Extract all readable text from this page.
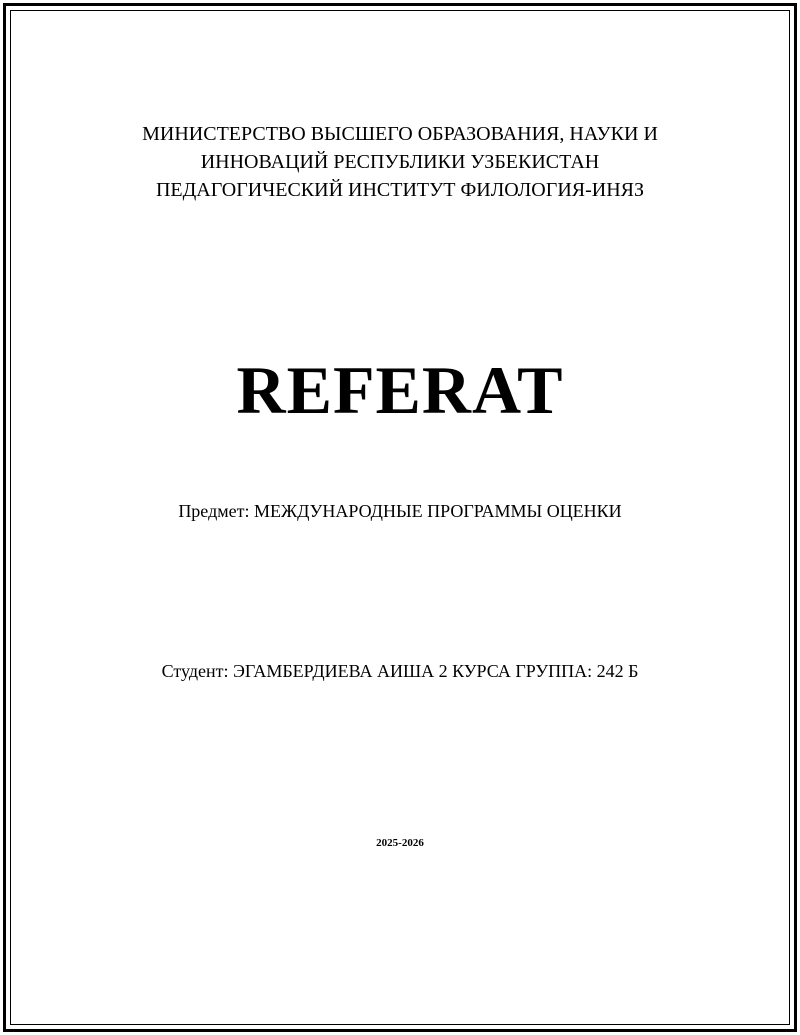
МИНИСТЕРСТВО ВЫСШЕГО ОБРАЗОВАНИЯ, НАУКИ И
ИННОВАЦИЙ РЕСПУБЛИКИ УЗБЕКИСТАН
ПЕДАГОГИЧЕСКИЙ ИНСТИТУТ ФИЛОЛОГИЯ-ИНЯЗ
REFERAT
Предмет: МЕЖДУНАРОДНЫЕ ПРОГРАММЫ ОЦЕНКИ
Студент: ЭГАМБЕРДИЕВА АИША 2 КУРСА ГРУППА: 242 Б
2025-2026
